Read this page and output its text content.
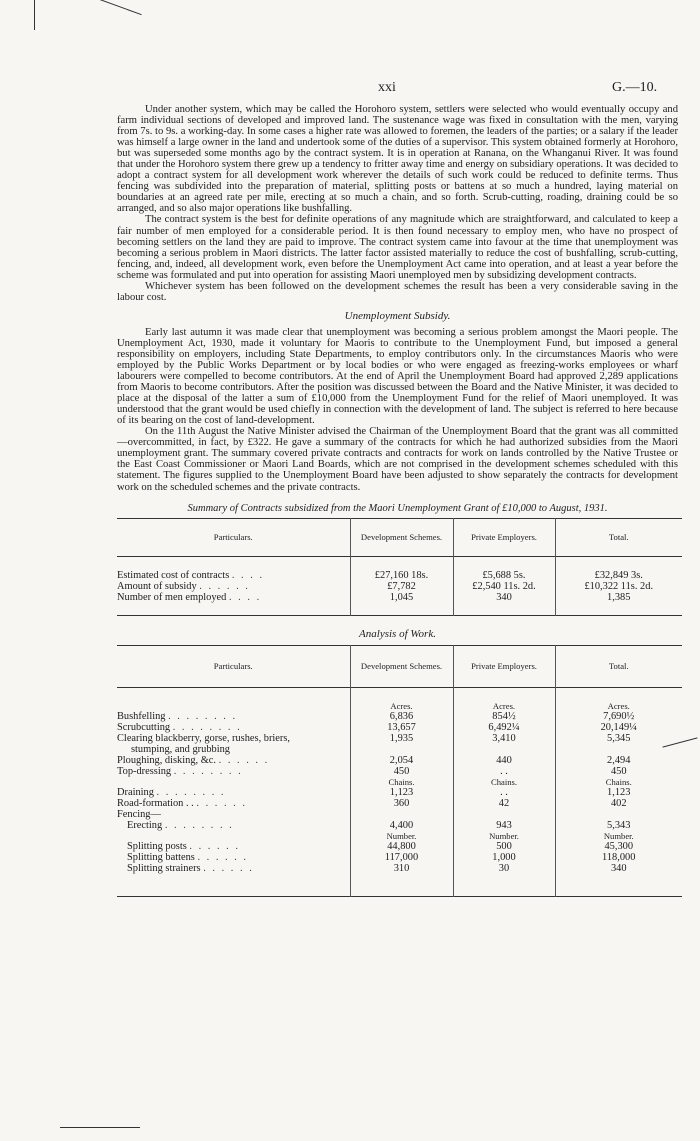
xxi	G.—10.

Under another system, which may be called the Horohoro system, settlers were selected who would eventually occupy and farm individual sections of developed and improved land. The sustenance wage was fixed in consultation with the men, varying from 7s. to 9s. a working-day. In some cases a higher rate was allowed to foremen, the leaders of the parties; or a salary if the leader was himself a large owner in the land and undertook some of the duties of a supervisor. This system obtained formerly at Horohoro, but was superseded some months ago by the contract system. It is in operation at Ranana, on the Whanganui River. It was found that under the Horohoro system there grew up a tendency to fritter away time and energy on subsidiary operations. It was decided to adopt a contract system for all development work wherever the details of such work could be reduced to definite terms. Thus fencing was subdivided into the preparation of material, splitting posts or battens at so much a hundred, laying material on boundaries at an agreed rate per mile, erecting at so much a chain, and so forth. Scrub-cutting, roading, draining could be so arranged, and so also major operations like bushfalling.

The contract system is the best for definite operations of any magnitude which are straightforward, and calculated to keep a fair number of men employed for a considerable period. It is then found necessary to employ men, who have no prospect of becoming settlers on the land they are paid to improve. The contract system came into favour at the time that unemployment was becoming a serious problem in Maori districts. The latter factor assisted materially to reduce the cost of bushfalling, scrub-cutting, fencing, and, indeed, all development work, even before the Unemployment Act came into operation, and at least a year before the scheme was formulated and put into operation for assisting Maori unemployed men by subsidizing development contracts.

Whichever system has been followed on the development schemes the result has been a very considerable saving in the labour cost.

Unemployment Subsidy.

Early last autumn it was made clear that unemployment was becoming a serious problem amongst the Maori people. The Unemployment Act, 1930, made it voluntary for Maoris to contribute to the Unemployment Fund, but imposed a general responsibility on employers, including State Departments, to employ contributors only. In the circumstances Maoris who were employed by the Public Works Department or by local bodies or who were engaged as freezing-works employees or wharf labourers were compelled to become contributors. At the end of April the Unemployment Board had approved 2,289 applications from Maoris to become contributors. After the position was discussed between the Board and the Native Minister, it was decided to place at the disposal of the latter a sum of £10,000 from the Unemployment Fund for the relief of Maori unemployed. It was understood that the grant would be used chiefly in connection with the development of land. The subject is referred to here because of its bearing on the cost of land-development.

On the 11th August the Native Minister advised the Chairman of the Unemployment Board that the grant was all committed—overcommitted, in fact, by £322. He gave a summary of the contracts for which he had authorized subsidies from the Maori unemployment grant. The summary covered private contracts and contracts for work on lands controlled by the Native Trustee or the East Coast Commissioner or Maori Land Boards, which are not comprised in the development schemes scheduled with this statement. The figures supplied to the Unemployment Board have been adjusted to show separately the contracts for development work on the scheduled schemes and the private contracts.

Summary of Contracts subsidized from the Maori Unemployment Grant of £10,000 to August, 1931.
Particulars.	Development Schemes.	Private Employers.	Total.

Estimated cost of contracts . . . .	£27,160 18s.	£5,688 5s.	£32,849 3s.
Amount of subsidy . . . . . .	£7,782	£2,540 11s. 2d.	£10,322 11s. 2d.
Number of men employed . . . .	1,045	340	1,385

Analysis of Work.
Particulars.	Development Schemes.	Private Employers.	Total.

	Acres.	Acres.	Acres.
Bushfelling . . . . . . . .	6,836	854½	7,690½
Scrubcutting . . . . . . . .	13,657	6,492¼	20,149¼
Clearing blackberry, gorse, rushes, briers,	1,935	3,410	5,345
stumping, and grubbing			
Ploughing, disking, &c. . . . . . .	2,054	440	2,494
Top-dressing . . . . . . . .	450	. .	450
	Chains.	Chains.	Chains.
Draining . . . . . . . .	1,123	. .	1,123
Road-formation . . . . . . . .	360	42	402
Fencing—			
Erecting . . . . . . . .	4,400	943	5,343
	Number.	Number.	Number.
Splitting posts . . . . . .	44,800	500	45,300
Splitting battens . . . . . .	117,000	1,000	118,000
Splitting strainers . . . . . .	310	30	340
